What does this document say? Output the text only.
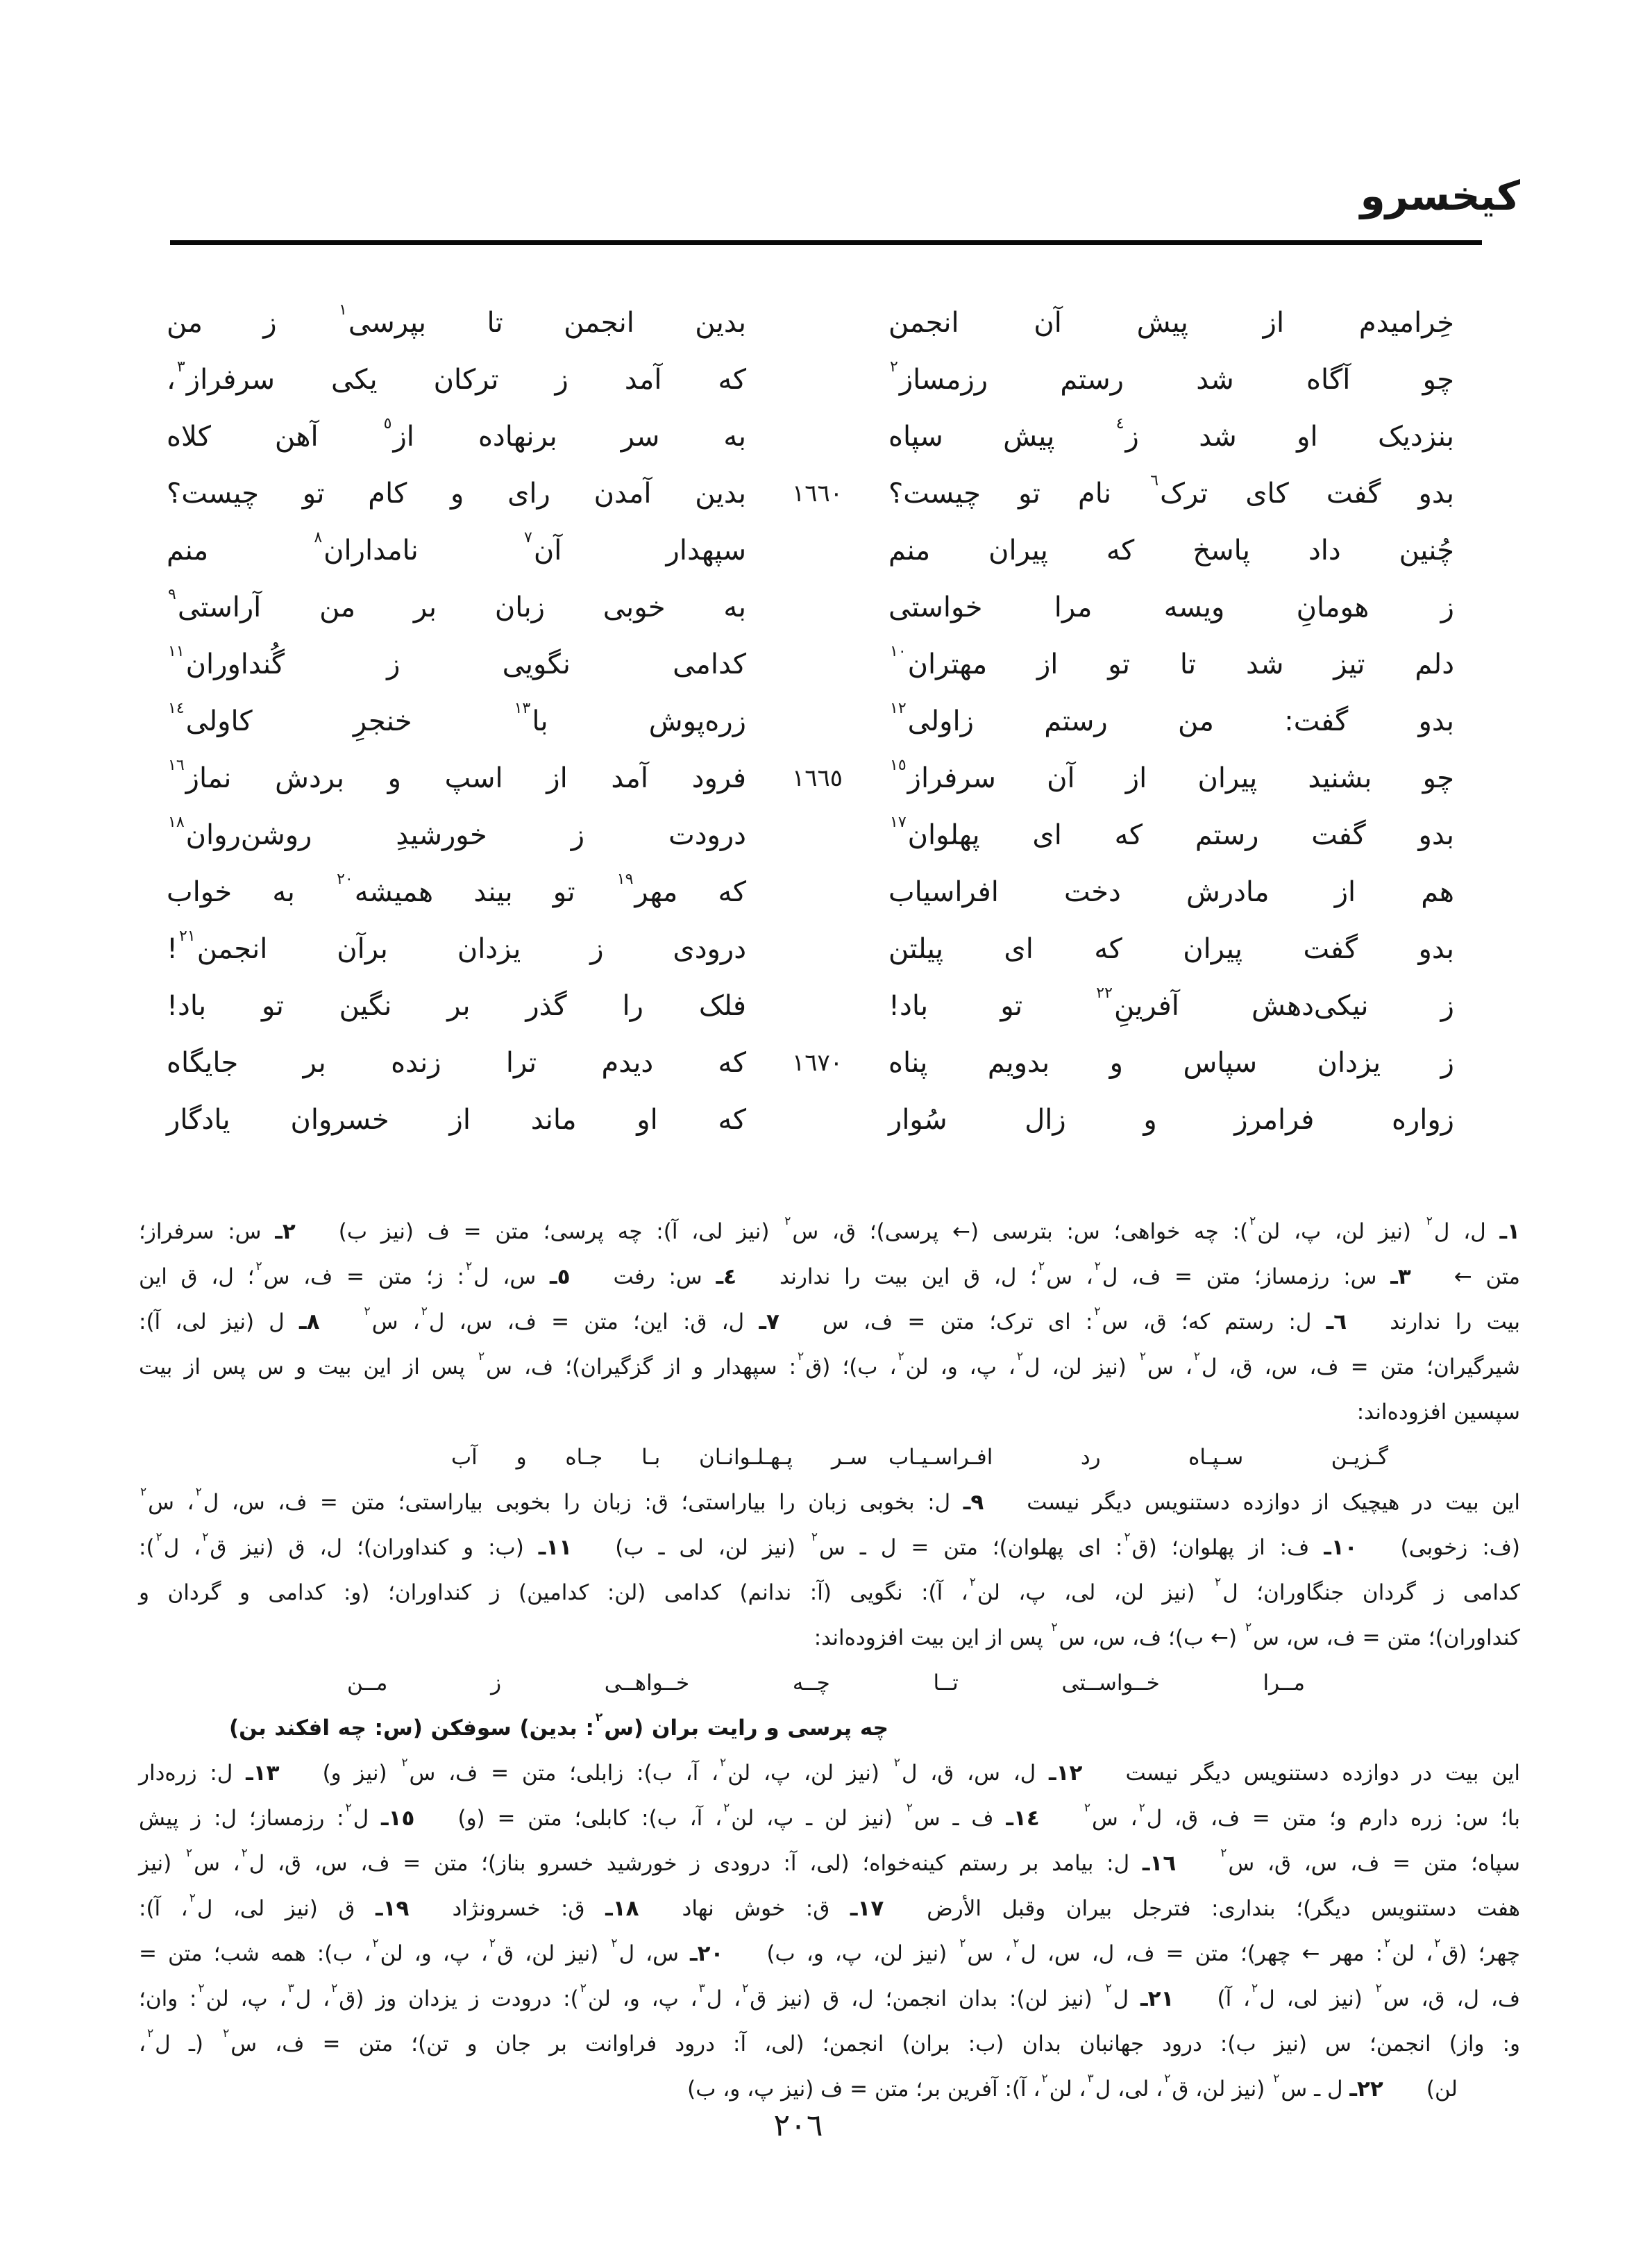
کیخسرو
خِرامیدم از پیش آن انجمن
بدین انجمن تا بپرسی$^١$ ز من
چو آگاه شد رستم رزمساز$^٢$
که آمد ز ترکان یکی سرفراز$^٣$،
بنزدیک او شد ز$^٤$ پیش سپاه
به سر برنهاده از$^٥$ آهن کلاه
بدو گفت کای ترک$^٦$ نام تو چیست؟
١٦٦٠
بدین آمدن رای و کام تو چیست؟
چُنین داد پاسخ که پیران منم
سپهدار آن$^٧$ نامداران$^٨$ منم
ز هومانِ ویسه مرا خواستی
به خوبی زبان بر من آراستی$^٩$
دلم تیز شد تا تو از مهتران$^{١٠}$
کدامی نگویی ز گُنداوران$^{١١}$
بدو گفت: من رستم زاولی$^{١٢}$
زره‌پوش با$^{١٣}$ خنجرِ کاولی$^{١٤}$
چو بشنید پیران از آن سرفراز$^{١٥}$
١٦٦٥
فرود آمد از اسپ و بردش نماز$^{١٦}$
بدو گفت رستم که ای پهلوان$^{١٧}$
درودت ز خورشیدِ روشن‌روان$^{١٨}$
هم از مادرش دخت افراسیاب
که مهر$^{١٩}$ تو بیند همیشه$^{٢٠}$ به خواب
بدو گفت پیران که ای پیلتن
درودی ز یزدان برآن انجمن$^{٢١}$!
ز نیکی‌دهش آفرینِ$^{٢٢}$ تو باد!
فلک را گذر بر نگین تو باد!
ز یزدان سپاس و بدویم پناه
١٦٧٠
که دیدم ترا زنده بر جایگاه
زواره فرامرز و زال سُوار
که او ماند از خسروان یادگار
١ـ ل، ل$^٢$ (نیز لن، پ، لن$^٢$): چه خواهی؛ س: بترسی (← پرسی)؛ ق، س$^٢$ (نیز لی، آ): چه پرسی؛ متن = ف (نیز ب)  ٢ـ س: سرفراز؛
متن ←  ٣ـ س: رزمساز؛ متن = ف، ل$^٢$، س$^٢$؛ ل، ق این بیت را ندارند  ٤ـ س: رفت  ٥ـ س، ل$^٢$: ز؛ متن = ف، س$^٢$؛ ل، ق این
بیت را ندارند  ٦ـ ل: رستم که؛ ق، س$^٢$: ای ترک؛ متن = ف، س  ٧ـ ل، ق: این؛ متن = ف، س، ل$^٢$، س$^٢$  ٨ـ ل (نیز لی، آ):
شیرگیران؛ متن = ف، س، ق، ل$^٢$، س$^٢$ (نیز لن، ل$^٢$، پ، و، لن$^٢$، ب)؛ (ق$^٢$: سپهدار و از گزگیران)؛ ف، س$^٢$ پس از این بیت و س پس از بیت
سپسین افزوده‌اند:
گـزیـن سـپـاه رد افـراسـیـاب
سـر پـهـلـوانـان بـا جـاه و آب
این بیت در هیچیک از دوازده دستنویس دیگر نیست  ٩ـ ل: بخوبی زبان را بیاراستی؛ ق: زبان را بخوبی بیاراستی؛ متن = ف، س، ل$^٢$، س$^٢$
(ف: زخوبی)  ١٠ـ ف: از پهلوان؛ (ق$^٢$: ای پهلوان)؛ متن = ل ـ س$^٢$ (نیز لن، لی ـ ب)  ١١ـ (ب: و کنداوران)؛ ل، ق (نیز ق$^٢$، ل$^٢$):
کدامی ز گردان جنگاوران؛ ل$^٢$ (نیز لن، لی، پ، لن$^٢$، آ): نگویی (آ: ندانم) کدامی (لن: کدامین) ز کنداوران؛ (و: کدامی و گردان و
کنداوران)؛ متن = ف، س، س$^٢$ (← ب)؛ ف، س، س$^٢$ پس از این بیت افزوده‌اند:
مــرا خــواســتی تــا چــه خــواهــی ز مــن
چه پرسی و رایت بران (س$^٢$: بدین) سوفکن (س: چه افکند بن)
این بیت در دوازده دستنویس دیگر نیست  ١٢ـ ل، س، ق، ل$^٢$ (نیز لن، پ، لن$^٢$، آ، ب): زابلی؛ متن = ف، س$^٢$ (نیز و)  ١٣ـ ل: زره‌دار
با؛ س: زره دارم و؛ متن = ف، ق، ل$^٢$، س$^٢$  ١٤ـ ف ـ س$^٢$ (نیز لن ـ پ، لن$^٢$، آ، ب): کابلی؛ متن = (و)  ١٥ـ ل$^٢$: رزمساز؛ ل: ز پیش
سپاه؛ متن = ف، س، ق، س$^٢$  ١٦ـ ل: بیامد بر رستم کینه‌خواه؛ (لی، آ: درودی ز خورشید خسرو بناز)؛ متن = ف، س، ق، ل$^٢$، س$^٢$ (نیز
هفت دستنویس دیگر)؛ بنداری: فترجل بیران وقبل الأرض  ١٧ـ ق: خوش نهاد  ١٨ـ ق: خسرونژاد  ١٩ـ ق (نیز لی، ل$^٢$، آ):
چهر؛ (ق$^٢$، لن$^٢$: مهر ← چهر)؛ متن = ف، ل، س، ل$^٢$، س$^٢$ (نیز لن، پ، و، ب)  ٢٠ـ س، ل$^٢$ (نیز لن، ق$^٢$، پ، و، لن$^٢$، ب): همه شب؛ متن =
ف، ل، ق، س$^٢$ (نیز لی، ل$^٢$، آ)  ٢١ـ ل$^٢$ (نیز لن): بدان انجمن؛ ل، ق (نیز ق$^٢$، ل$^٣$، پ، و، لن$^٢$): درودت ز یزدان وز (ق$^٢$، ل$^٣$، پ، لن$^٢$: وان؛
و: واز) انجمن؛ س (نیز ب): درود جهانبان بدان (ب: بران) انجمن؛ (لی، آ: درود فراوانت بر جان و تن)؛ متن = ف، س$^٢$ (ـ ل$^٢$،
لن)  ٢٢ـ ل ـ س$^٢$ (نیز لن، ق$^٢$، لی، ل$^٣$، لن$^٢$، آ): آفرین بر؛ متن = ف (نیز پ، و، ب)
٢٠٦
